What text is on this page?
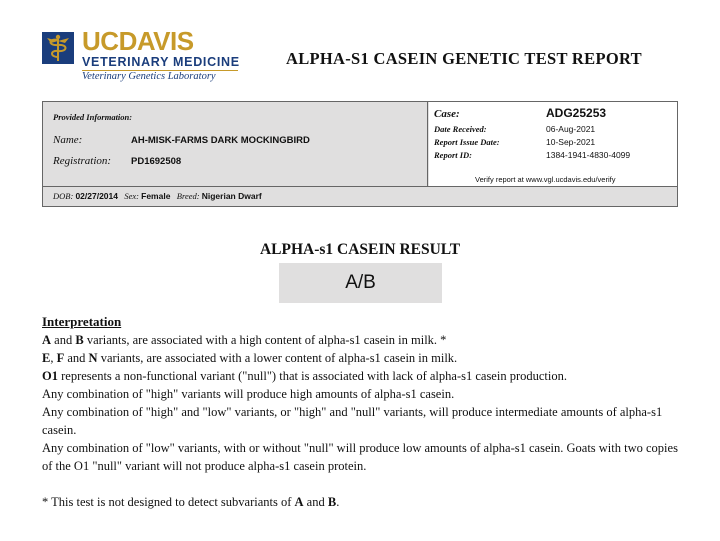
UCDAVIS
VETERINARY MEDICINE
Veterinary Genetics Laboratory
ALPHA-S1 CASEIN GENETIC TEST REPORT
Provided Information:
Name:	AH-MISK-FARMS DARK MOCKINGBIRD
Registration: PD1692508
Case:	ADG25253
Date Received:	06-Aug-2021
Report Issue Date:	10-Sep-2021
Report ID:	1384-1941-4830-4099
Verify report at www.vgl.ucdavis.edu/verify
DOB: 02/27/2014 Sex: Female Breed: Nigerian Dwarf
ALPHA-s1 CASEIN RESULT
A/B
Interpretation
A and B variants, are associated with a high content of alpha-s1 casein in milk. *
E, F and N variants, are associated with a lower content of alpha-s1 casein in milk.
O1 represents a non-functional variant ("null") that is associated with lack of alpha-s1 casein production.
Any combination of "high" variants will produce high amounts of alpha-s1 casein.
Any combination of "high" and "low" variants, or "high" and "null" variants, will produce intermediate amounts of alpha-s1 casein.
Any combination of "low" variants, with or without "null" will produce low amounts of alpha-s1 casein. Goats with two copies of the O1 "null" variant will not produce alpha-s1 casein protein.
* This test is not designed to detect subvariants of A and B.
